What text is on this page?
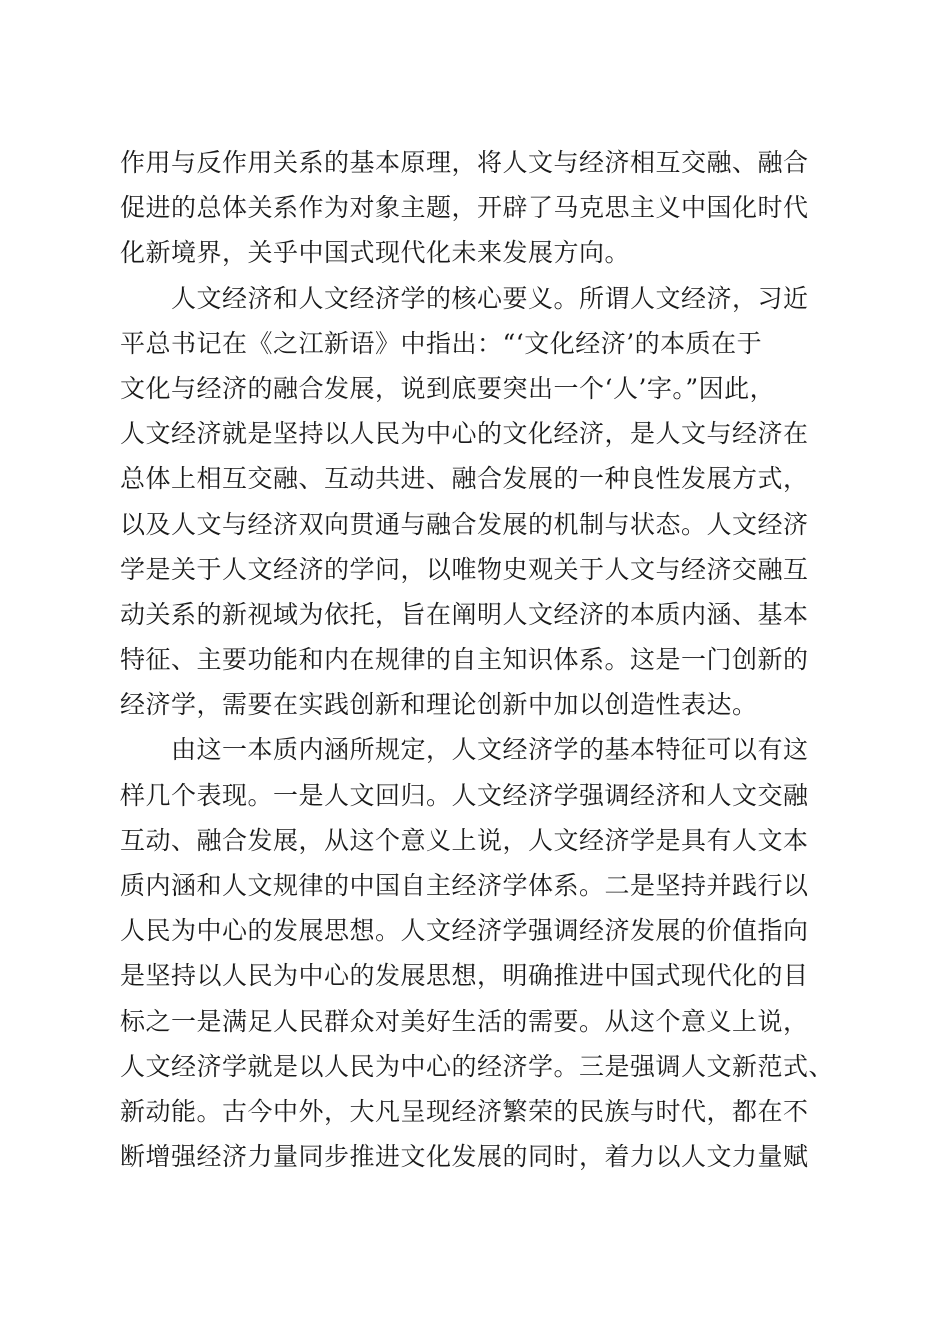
作用与反作用关系的基本原理，将人文与经济相互交融、融合
促进的总体关系作为对象主题，开辟了马克思主义中国化时代
化新境界，关乎中国式现代化未来发展方向。
　　人文经济和人文经济学的核心要义。所谓人文经济，习近
平总书记在《之江新语》中指出：“‘文化经济’的本质在于
文化与经济的融合发展，说到底要突出一个‘人’字。”因此，
人文经济就是坚持以人民为中心的文化经济，是人文与经济在
总体上相互交融、互动共进、融合发展的一种良性发展方式，
以及人文与经济双向贯通与融合发展的机制与状态。人文经济
学是关于人文经济的学问，以唯物史观关于人文与经济交融互
动关系的新视域为依托，旨在阐明人文经济的本质内涵、基本
特征、主要功能和内在规律的自主知识体系。这是一门创新的
经济学，需要在实践创新和理论创新中加以创造性表达。
　　由这一本质内涵所规定，人文经济学的基本特征可以有这
样几个表现。一是人文回归。人文经济学强调经济和人文交融
互动、融合发展，从这个意义上说，人文经济学是具有人文本
质内涵和人文规律的中国自主经济学体系。二是坚持并践行以
人民为中心的发展思想。人文经济学强调经济发展的价值指向
是坚持以人民为中心的发展思想，明确推进中国式现代化的目
标之一是满足人民群众对美好生活的需要。从这个意义上说，
人文经济学就是以人民为中心的经济学。三是强调人文新范式、
新动能。古今中外，大凡呈现经济繁荣的民族与时代，都在不
断增强经济力量同步推进文化发展的同时，着力以人文力量赋
